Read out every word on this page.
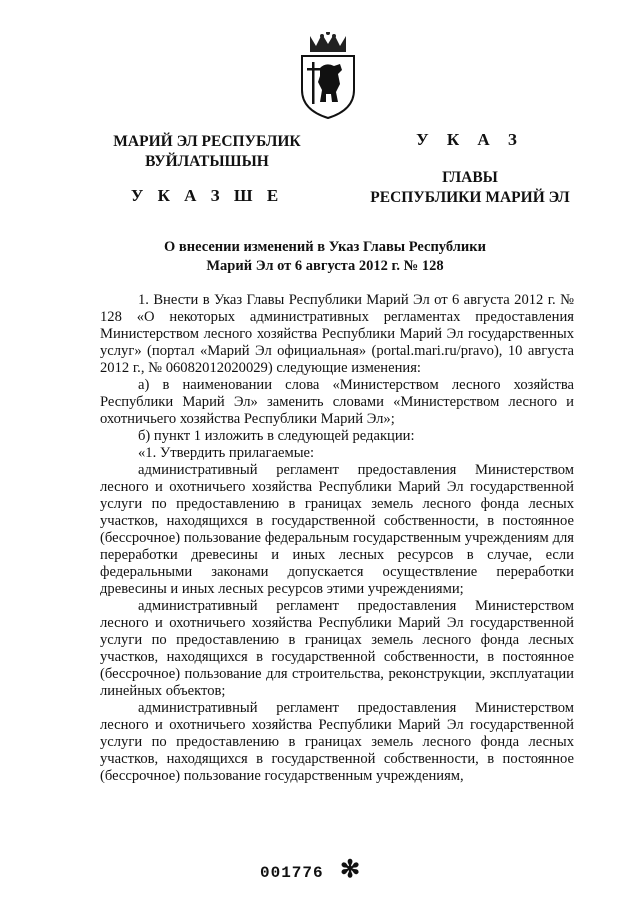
МАРИЙ ЭЛ РЕСПУБЛИК
ВУЙЛАТЫШЫН
У К А З Ш Е
У К А З
ГЛАВЫ
РЕСПУБЛИКИ МАРИЙ ЭЛ
О внесении изменений в Указ Главы Республики
Марий Эл от 6 августа 2012 г. № 128

1. Внести в Указ Главы Республики Марий Эл от 6 августа 2012 г. № 128 «О некоторых административных регламентах предоставления Министерством лесного хозяйства Республики Марий Эл государственных услуг» (портал «Марий Эл официальная» (portal.mari.ru/pravo), 10 августа 2012 г., № 06082012020029) следующие изменения:

а) в наименовании слова «Министерством лесного хозяйства Республики Марий Эл» заменить словами «Министерством лесного и охотничьего хозяйства Республики Марий Эл»;

б) пункт 1 изложить в следующей редакции:

«1. Утвердить прилагаемые:

административный регламент предоставления Министерством лесного и охотничьего хозяйства Республики Марий Эл государственной услуги по предоставлению в границах земель лесного фонда лесных участков, находящихся в государственной собственности, в постоянное (бессрочное) пользование федеральным государственным учреждениям для переработки древесины и иных лесных ресурсов в случае, если федеральными законами допускается осуществление переработки древесины и иных лесных ресурсов этими учреждениями;

административный регламент предоставления Министерством лесного и охотничьего хозяйства Республики Марий Эл государственной услуги по предоставлению в границах земель лесного фонда лесных участков, находящихся в государственной собственности, в постоянное (бессрочное) пользование для строительства, реконструкции, эксплуатации линейных объектов;

административный регламент предоставления Министерством лесного и охотничьего хозяйства Республики Марий Эл государственной услуги по предоставлению в границах земель лесного фонда лесных участков, находящихся в государственной собственности, в постоянное (бессрочное) пользование государственным учреждениям,

001776 ✻
